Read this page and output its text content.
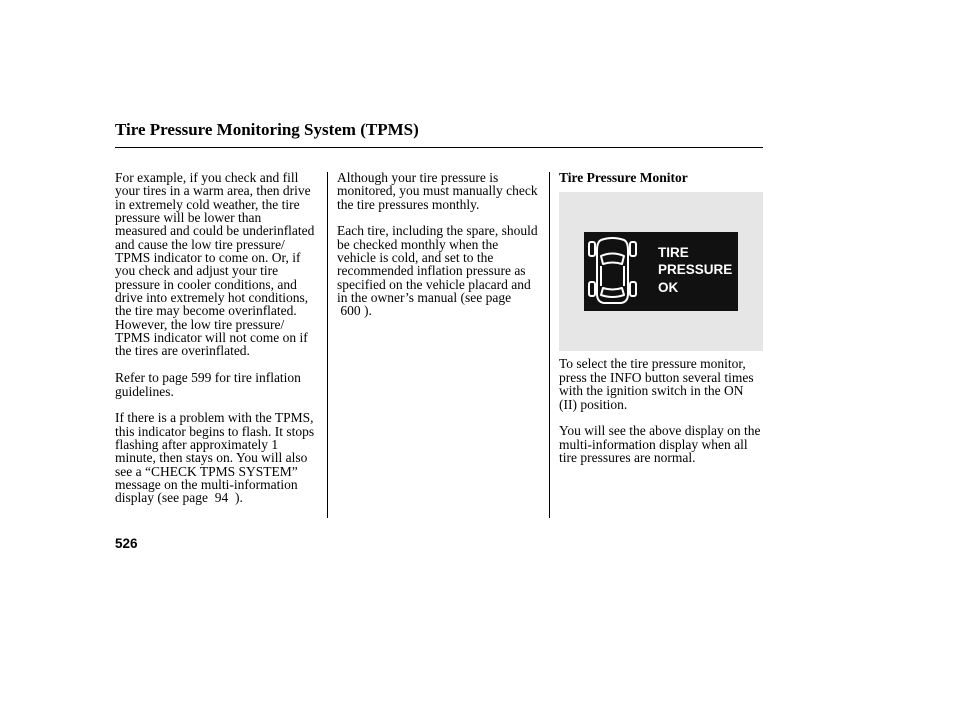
Tire Pressure Monitoring System (TPMS)
For example, if you check and fill
your tires in a warm area, then drive
in extremely cold weather, the tire
pressure will be lower than
measured and could be underinflated
and cause the low tire pressure/
TPMS indicator to come on. Or, if
you check and adjust your tire
pressure in cooler conditions, and
drive into extremely hot conditions,
the tire may become overinflated.
However, the low tire pressure/
TPMS indicator will not come on if
the tires are overinflated.
Refer to page 599 for tire inflation
guidelines.
If there is a problem with the TPMS,
this indicator begins to flash. It stops
flashing after approximately 1
minute, then stays on. You will also
see a “CHECK TPMS SYSTEM”
message on the multi-information
display (see page  94  ).
Although your tire pressure is
monitored, you must manually check
the tire pressures monthly.
Each tire, including the spare, should
be checked monthly when the
vehicle is cold, and set to the
recommended inflation pressure as
specified on the vehicle placard and
in the owner’s manual (see page
600 ).
Tire Pressure Monitor
TIRE
PRESSURE
OK
To select the tire pressure monitor,
press the INFO button several times
with the ignition switch in the ON
(II) position.
You will see the above display on the
multi-information display when all
tire pressures are normal.
526
